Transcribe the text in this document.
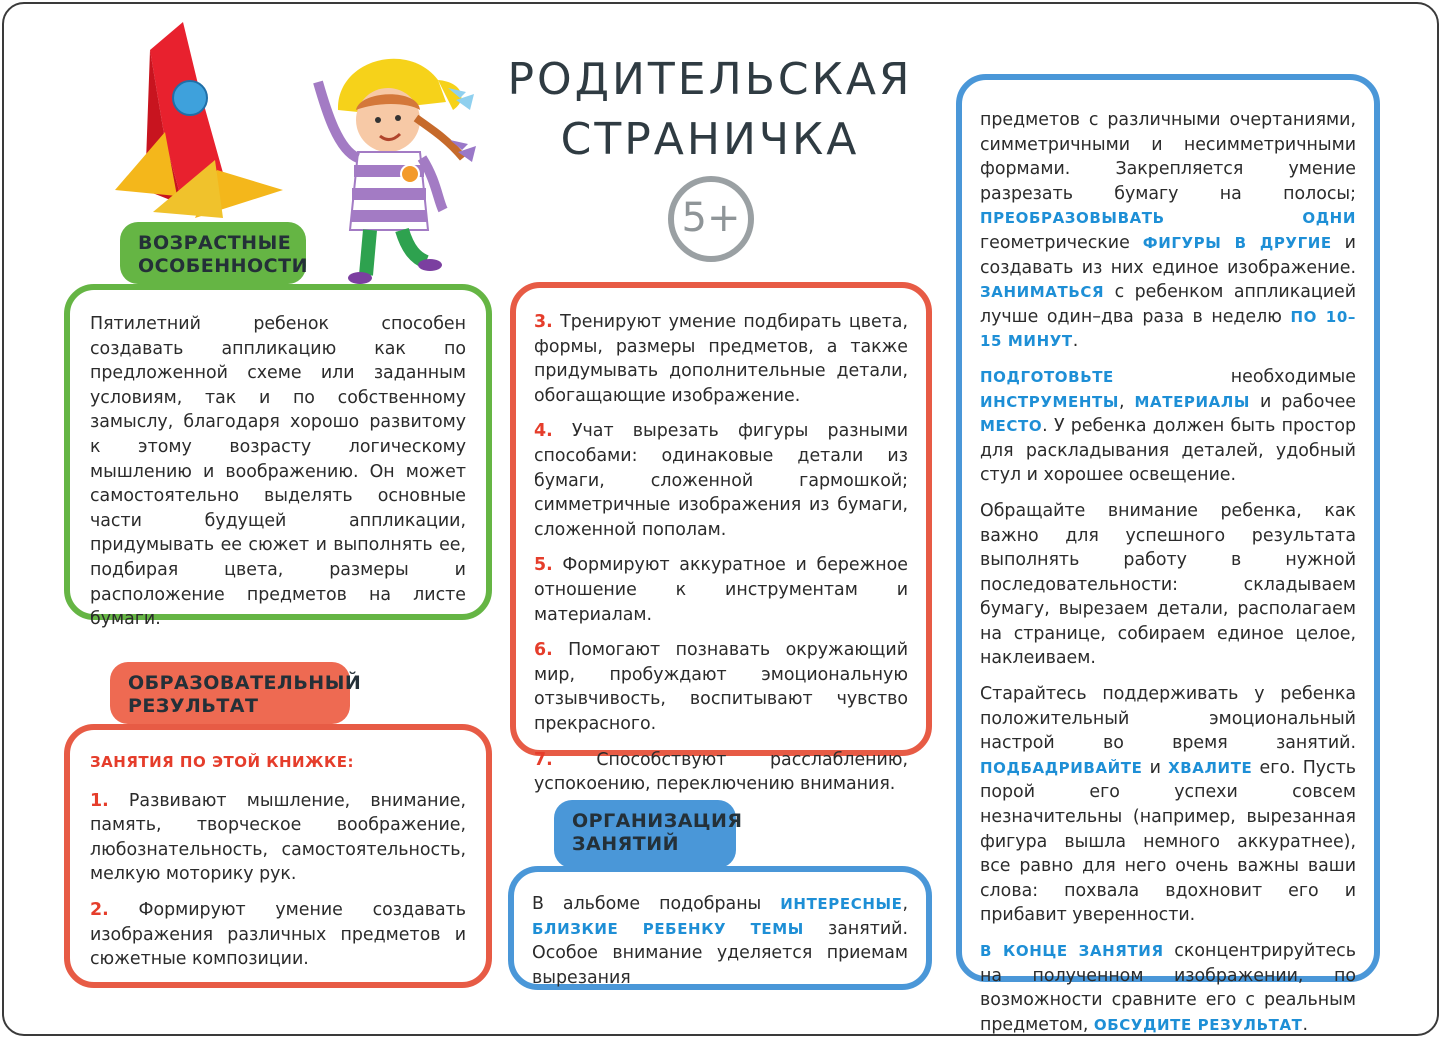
РОДИТЕЛЬСКАЯ
СТРАНИЧКА
5+
ВОЗРАСТНЫЕ
ОСОБЕННОСТИ

Пятилетний ребенок способен создавать аппликацию как по предложенной схеме или заданным условиям, так и по собственному замыслу, благодаря хорошо развитому к этому возрасту логическому мышлению и воображению. Он может самостоятельно выделять основные части будущей аппликации, придумывать ее сюжет и выполнять ее, подбирая цвета, размеры и расположение предметов на листе бумаги.

ОБРАЗОВАТЕЛЬНЫЙ
РЕЗУЛЬТАТ

ЗАНЯТИЯ ПО ЭТОЙ КНИЖКЕ:

1. Развивают мышление, внимание, память, творческое воображение, любознательность, самостоятельность, мелкую моторику рук.

2. Формируют умение создавать изображения различных предметов и сюжетные композиции.

3. Тренируют умение подбирать цвета, формы, размеры предметов, а также придумывать дополнительные детали, обогащающие изображение.

4. Учат вырезать фигуры разными способами: одинаковые детали из бумаги, сложенной гармошкой; симметричные изображения из бумаги, сложенной пополам.

5. Формируют аккуратное и бережное отношение к инструментам и материалам.

6. Помогают познавать окружающий мир, пробуждают эмоциональную отзывчивость, воспитывают чувство прекрасного.

7.	Способствуют расслаблению, успокоению, переключению внимания.

ОРГАНИЗАЦИЯ
ЗАНЯТИЙ

В альбоме подобраны ИНТЕРЕСНЫЕ, БЛИЗКИЕ РЕБЕНКУ ТЕМЫ занятий. Особое внимание уделяется приемам вырезания

предметов с различными очертаниями, симметричными и несимметричными формами. Закрепляется умение разрезать бумагу на полосы; ПРЕОБРАЗОВЫВАТЬ ОДНИ геометрические ФИГУРЫ В ДРУГИЕ и создавать из них единое изображение. ЗАНИМАТЬСЯ с ребенком аппликацией лучше один–два раза в неделю ПО 10–15 МИНУТ.

ПОДГОТОВЬТЕ необходимые ИНСТРУМЕНТЫ, МАТЕРИАЛЫ и рабочее МЕСТО. У ребенка должен быть простор для раскладывания деталей, удобный стул и хорошее освещение.

Обращайте внимание ребенка, как важно для успешного результата выполнять работу в нужной последовательности: складываем бумагу, вырезаем детали, располагаем на странице, собираем единое целое, наклеиваем.

Старайтесь поддерживать у ребенка положительный эмоциональный настрой во время занятий. ПОДБАДРИВАЙТЕ и ХВАЛИТЕ его. Пусть порой его успехи совсем незначительны (например, вырезанная фигура вышла немного аккуратнее), все равно для него очень важны ваши слова: похвала вдохновит его и прибавит уверенности.

В КОНЦЕ ЗАНЯТИЯ сконцентрируйтесь на полученном изображении, по возможности сравните его с реальным предметом, ОБСУДИТЕ РЕЗУЛЬТАТ.
